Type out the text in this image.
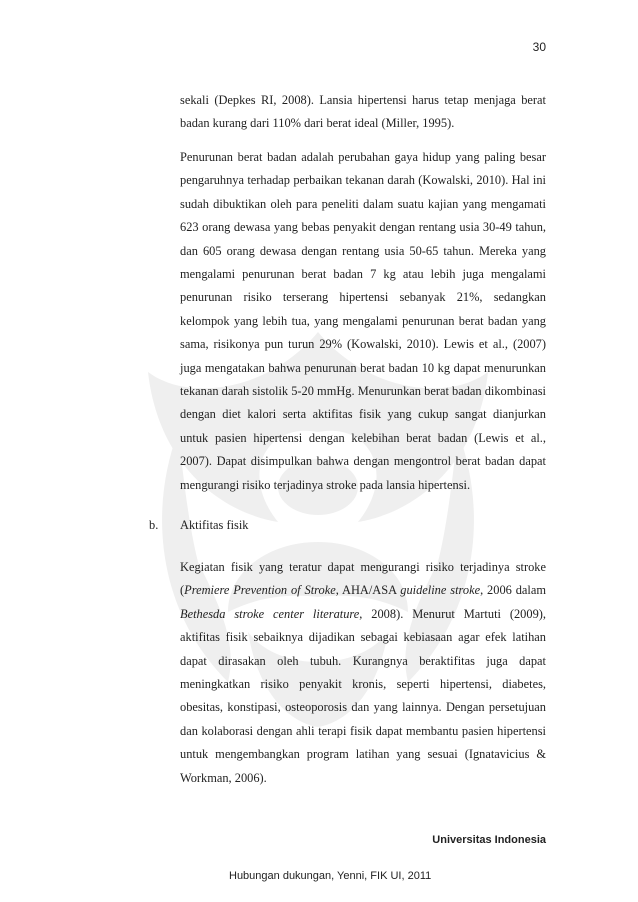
30

sekali (Depkes RI, 2008). Lansia hipertensi harus tetap menjaga berat badan kurang dari 110% dari berat ideal (Miller, 1995).

Penurunan berat badan adalah perubahan gaya hidup yang paling besar pengaruhnya terhadap perbaikan tekanan darah (Kowalski, 2010). Hal ini sudah dibuktikan oleh para peneliti dalam suatu kajian yang mengamati 623 orang dewasa yang bebas penyakit dengan rentang usia 30-49 tahun, dan 605 orang dewasa dengan rentang usia 50-65 tahun. Mereka yang mengalami penurunan berat badan 7 kg atau lebih juga mengalami penurunan risiko terserang hipertensi sebanyak 21%, sedangkan kelompok yang lebih tua, yang mengalami penurunan berat badan yang sama, risikonya pun turun 29% (Kowalski, 2010). Lewis et al., (2007) juga mengatakan bahwa penurunan berat badan 10 kg dapat menurunkan tekanan darah sistolik 5-20 mmHg. Menurunkan berat badan dikombinasi dengan diet kalori serta aktifitas fisik yang cukup sangat dianjurkan untuk pasien hipertensi dengan kelebihan berat badan (Lewis et al., 2007). Dapat disimpulkan bahwa dengan mengontrol berat badan dapat mengurangi risiko terjadinya stroke pada lansia hipertensi.

b. Aktifitas fisik

Kegiatan fisik yang teratur dapat mengurangi risiko terjadinya stroke (Premiere Prevention of Stroke, AHA/ASA guideline stroke, 2006 dalam Bethesda stroke center literature, 2008). Menurut Martuti (2009), aktifitas fisik sebaiknya dijadikan sebagai kebiasaan agar efek latihan dapat dirasakan oleh tubuh. Kurangnya beraktifitas juga dapat meningkatkan risiko penyakit kronis, seperti hipertensi, diabetes, obesitas, konstipasi, osteoporosis dan yang lainnya. Dengan persetujuan dan kolaborasi dengan ahli terapi fisik dapat membantu pasien hipertensi untuk mengembangkan program latihan yang sesuai (Ignatavicius & Workman, 2006).

Universitas Indonesia
Hubungan dukungan, Yenni, FIK UI, 2011
